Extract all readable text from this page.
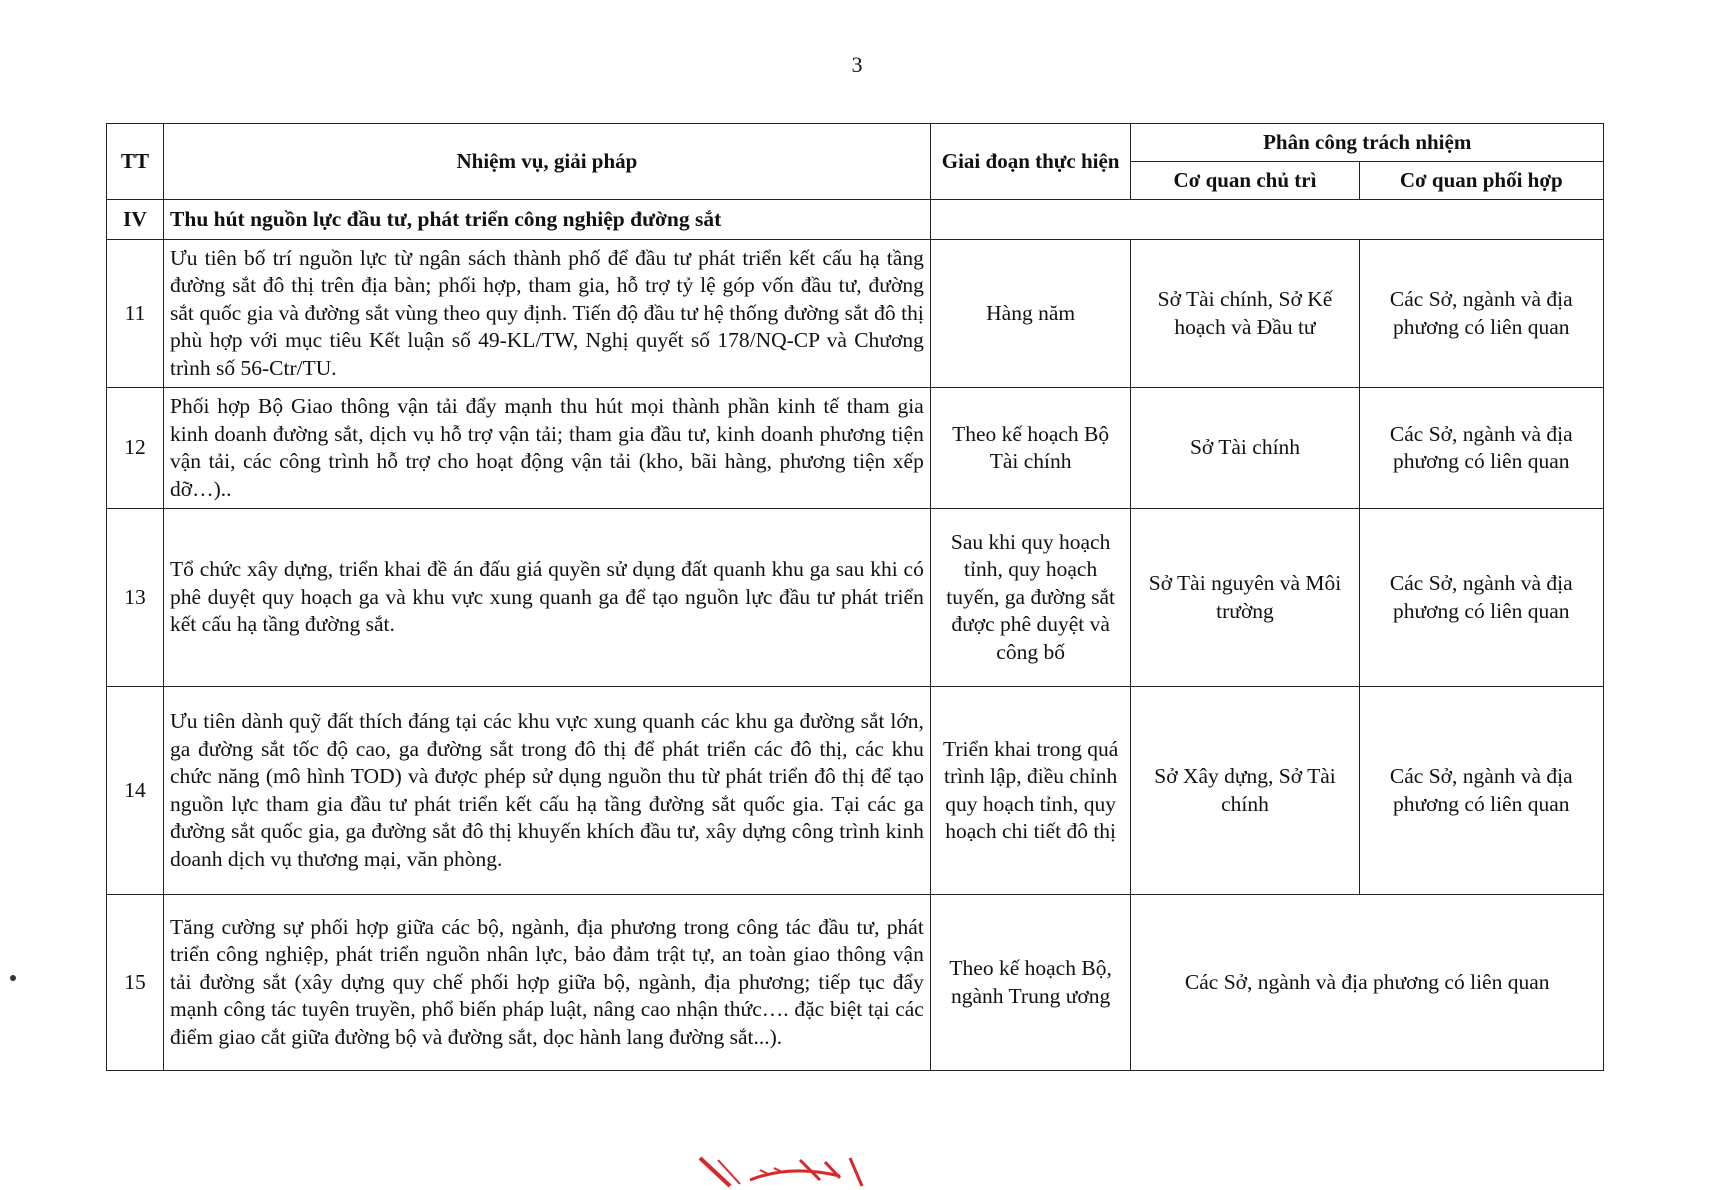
3
TT	Nhiệm vụ, giải pháp	Giai đoạn thực hiện	Phân công trách nhiệm	
			Cơ quan chủ trì	Cơ quan phối hợp
IV	Thu hút nguồn lực đầu tư, phát triển công nghiệp đường sắt			
11	Ưu tiên bố trí nguồn lực từ ngân sách thành phố để đầu tư phát triển kết cấu hạ tầng đường sắt đô thị trên địa bàn; phối hợp, tham gia, hỗ trợ tỷ lệ góp vốn đầu tư, đường sắt quốc gia và đường sắt vùng theo quy định. Tiến độ đầu tư hệ thống đường sắt đô thị phù hợp với mục tiêu Kết luận số 49-KL/TW, Nghị quyết số 178/NQ-CP và Chương trình số 56-Ctr/TU.	Hàng năm	Sở Tài chính, Sở Kế hoạch và Đầu tư	Các Sở, ngành và địa phương có liên quan
12	Phối hợp Bộ Giao thông vận tải đẩy mạnh thu hút mọi thành phần kinh tế tham gia kinh doanh đường sắt, dịch vụ hỗ trợ vận tải; tham gia đầu tư, kinh doanh phương tiện vận tải, các công trình hỗ trợ cho hoạt động vận tải (kho, bãi hàng, phương tiện xếp dỡ…)..	Theo kế hoạch Bộ Tài chính	Sở Tài chính	Các Sở, ngành và địa phương có liên quan
13	Tổ chức xây dựng, triển khai đề án đấu giá quyền sử dụng đất quanh khu ga sau khi có phê duyệt quy hoạch ga và khu vực xung quanh ga để tạo nguồn lực đầu tư phát triển kết cấu hạ tầng đường sắt.	Sau khi quy hoạch tỉnh, quy hoạch tuyến, ga đường sắt được phê duyệt và công bố	Sở Tài nguyên và Môi trường	Các Sở, ngành và địa phương có liên quan
14	Ưu tiên dành quỹ đất thích đáng tại các khu vực xung quanh các khu ga đường sắt lớn, ga đường sắt tốc độ cao, ga đường sắt trong đô thị để phát triển các đô thị, các khu chức năng (mô hình TOD) và được phép sử dụng nguồn thu từ phát triển đô thị để tạo nguồn lực tham gia đầu tư phát triển kết cấu hạ tầng đường sắt quốc gia. Tại các ga đường sắt quốc gia, ga đường sắt đô thị khuyến khích đầu tư, xây dựng công trình kinh doanh dịch vụ thương mại, văn phòng.	Triển khai trong quá trình lập, điều chỉnh quy hoạch tỉnh, quy hoạch chi tiết đô thị	Sở Xây dựng, Sở Tài chính	Các Sở, ngành và địa phương có liên quan
15	Tăng cường sự phối hợp giữa các bộ, ngành, địa phương trong công tác đầu tư, phát triển công nghiệp, phát triển nguồn nhân lực, bảo đảm trật tự, an toàn giao thông vận tải đường sắt (xây dựng quy chế phối hợp giữa bộ, ngành, địa phương; tiếp tục đẩy mạnh công tác tuyên truyền, phổ biến pháp luật, nâng cao nhận thức…. đặc biệt tại các điểm giao cắt giữa đường bộ và đường sắt, dọc hành lang đường sắt...).	Theo kế hoạch Bộ, ngành Trung ương	Các Sở, ngành và địa phương có liên quan	
